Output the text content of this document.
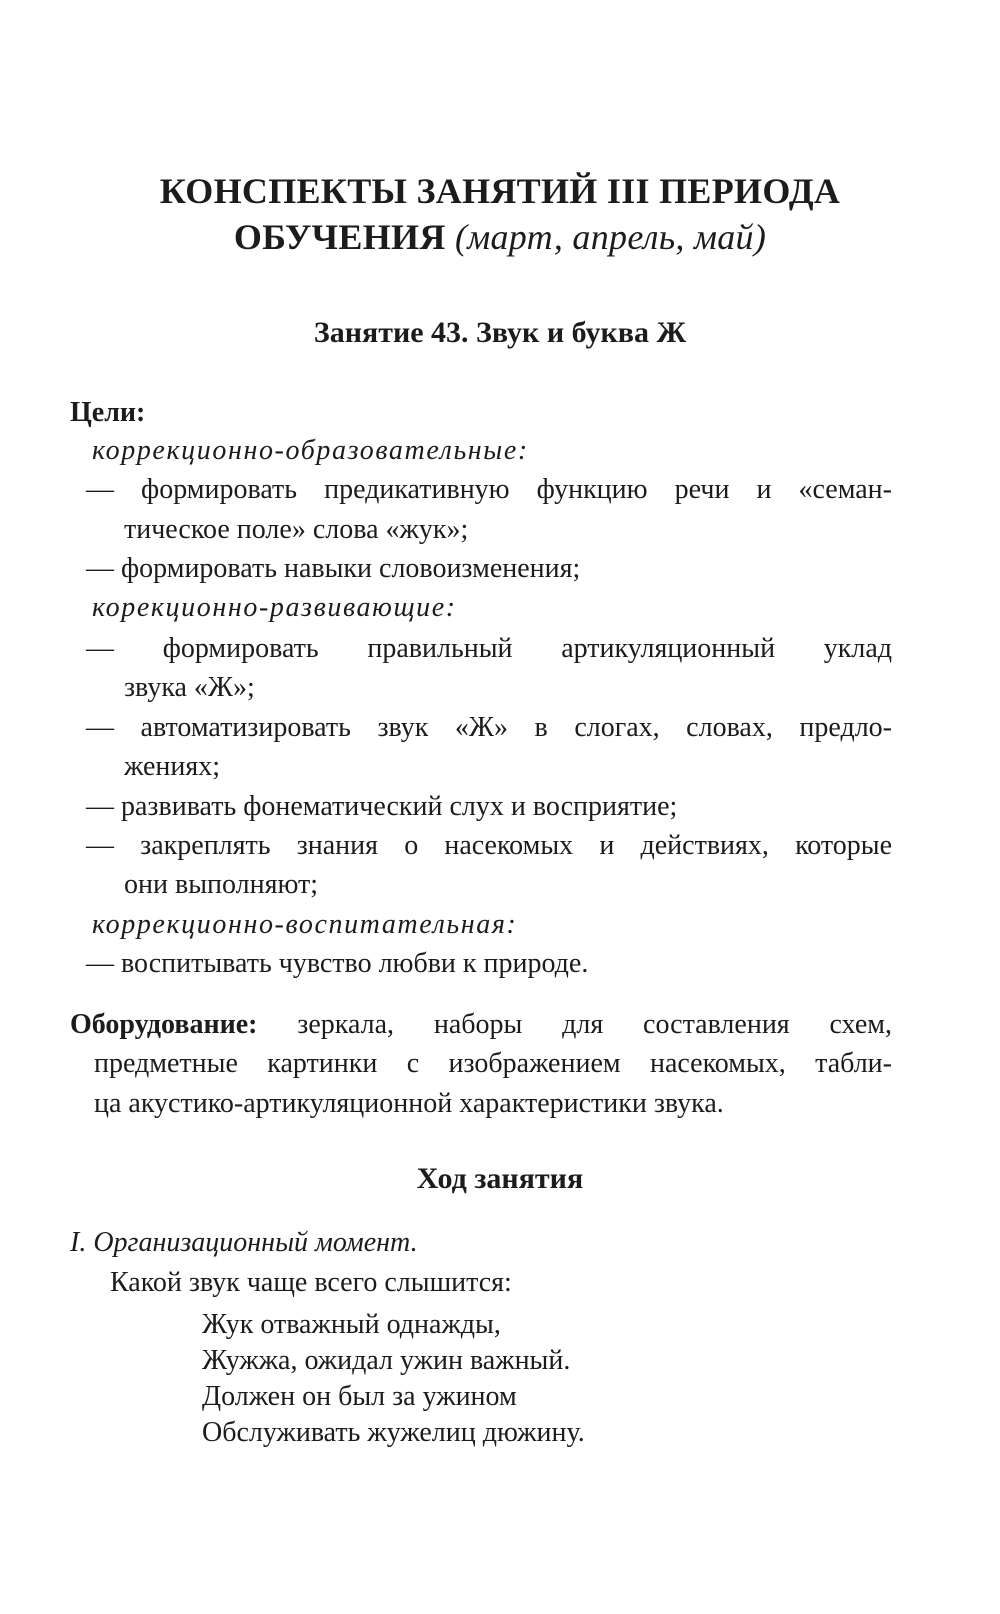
КОНСПЕКТЫ ЗАНЯТИЙ III ПЕРИОДА
ОБУЧЕНИЯ (март, апрель, май)
Занятие 43. Звук и буква Ж
Цели:
коррекционно-образовательные:
— формировать предикативную функцию речи и «семан-
тическое поле» слова «жук»;
— формировать навыки словоизменения;
корекционно-развивающие:
— формировать правильный артикуляционный уклад
звука «Ж»;
— автоматизировать звук «Ж» в слогах, словах, предло-
жениях;
— развивать фонематический слух и восприятие;
— закреплять знания о насекомых и действиях, которые
они выполняют;
коррекционно-воспитательная:
— воспитывать чувство любви к природе.
Оборудование: зеркала, наборы для составления схем,
предметные картинки с изображением насекомых, табли-
ца акустико-артикуляционной характеристики звука.
Ход занятия
I. Организационный момент.
Какой звук чаще всего слышится:
Жук отважный однажды,
Жужжа, ожидал ужин важный.
Должен он был за ужином
Обслуживать жужелиц дюжину.
